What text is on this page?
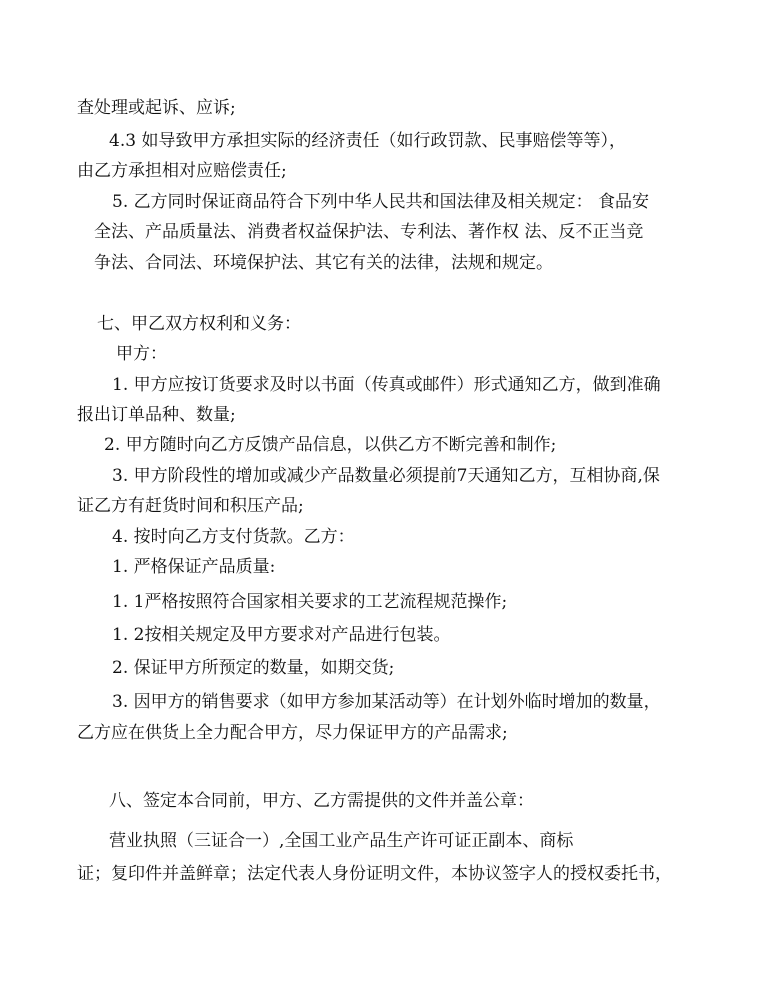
查处理或起诉、应诉;
4.3 如导致甲方承担实际的经济责任（如行政罚款、民事赔偿等等），
由乙方承担相对应赔偿责任;
5. 乙方同时保证商品符合下列中华人民共和国法律及相关规定： 食品安
全法、产品质量法、消费者权益保护法、专利法、著作权 法、反不正当竞
争法、合同法、环境保护法、其它有关的法律，法规和规定。
七、甲乙双方权利和义务：
甲方：
1. 甲方应按订货要求及时以书面（传真或邮件）形式通知乙方，做到准确
报出订单品种、数量;
2. 甲方随时向乙方反馈产品信息，以供乙方不断完善和制作;
3. 甲方阶段性的增加或减少产品数量必须提前7天通知乙方，互相协商,保
证乙方有赶货时间和积压产品;
4. 按时向乙方支付货款。乙方：
1. 严格保证产品质量:
1. 1严格按照符合国家相关要求的工艺流程规范操作;
1. 2按相关规定及甲方要求对产品进行包装。
2. 保证甲方所预定的数量，如期交货;
3. 因甲方的销售要求（如甲方参加某活动等）在计划外临时增加的数量，
乙方应在供货上全力配合甲方，尽力保证甲方的产品需求;
八、签定本合同前，甲方、乙方需提供的文件并盖公章：
营业执照（三证合一）,全国工业产品生产许可证正副本、商标
证；复印件并盖鲜章；法定代表人身份证明文件，本协议签字人的授权委托书，
